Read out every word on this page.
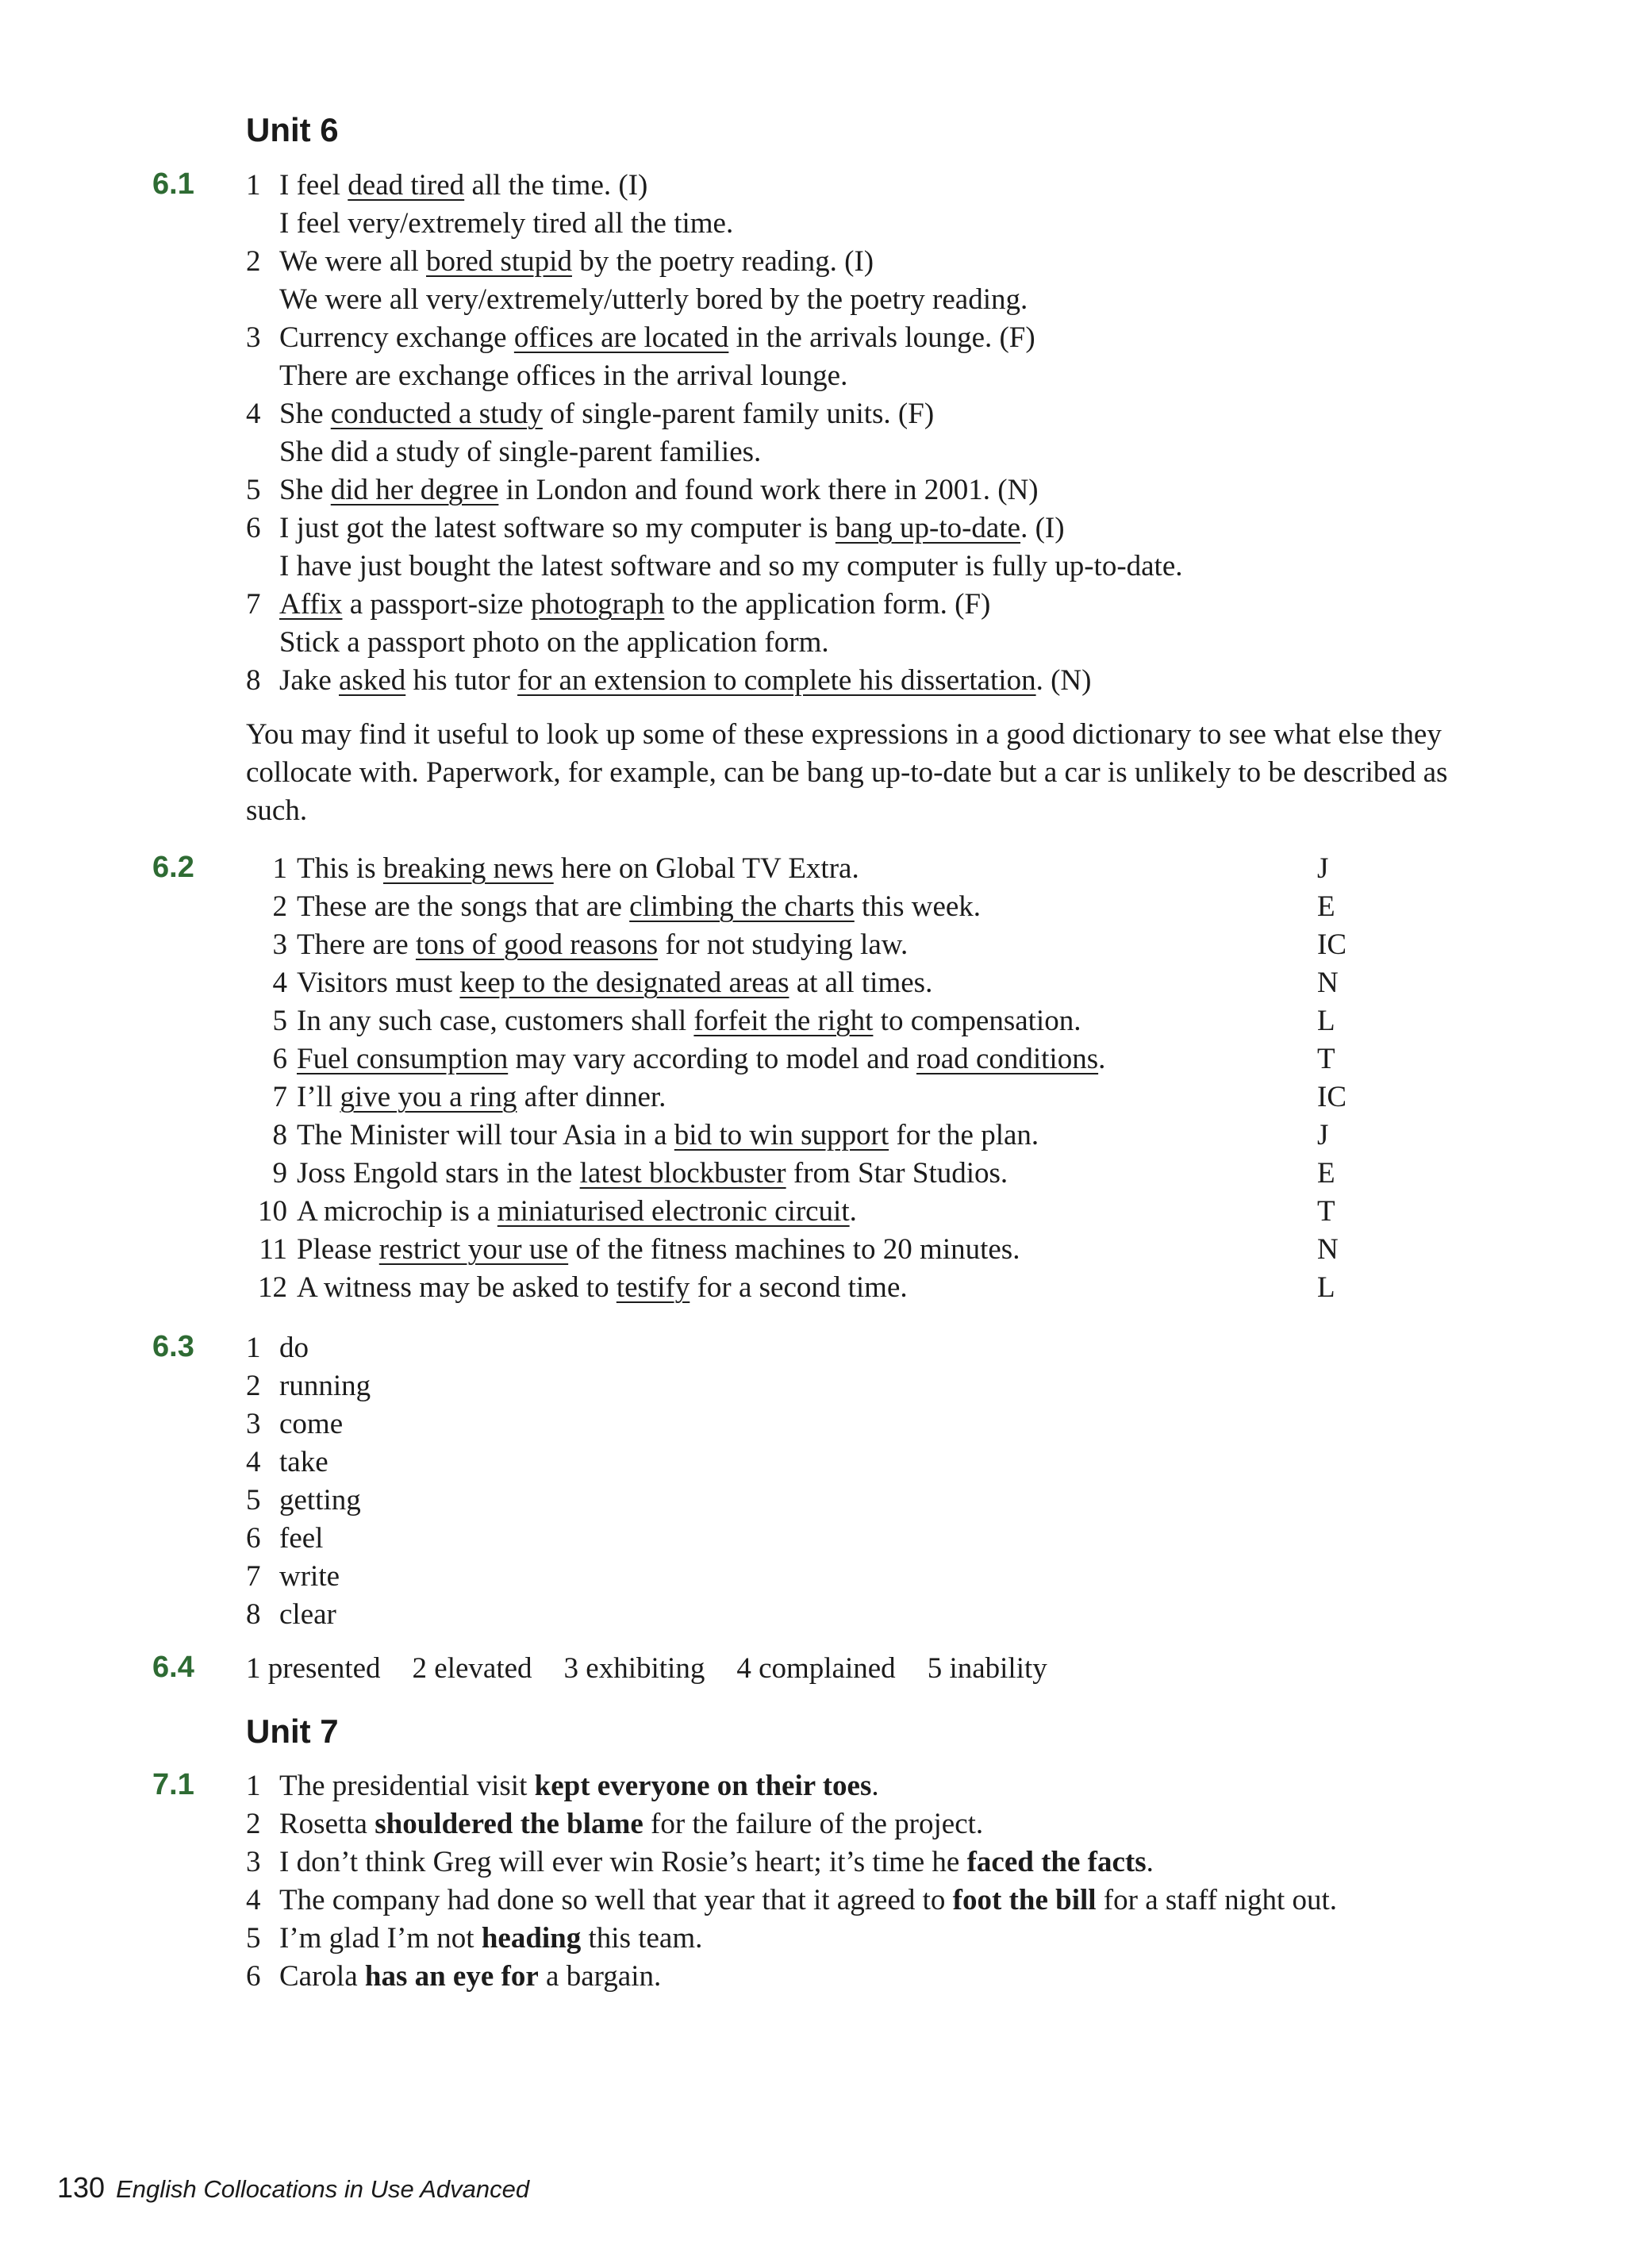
Unit 6
6.1 1 I feel dead tired all the time. (I)
I feel very/extremely tired all the time.
2 We were all bored stupid by the poetry reading. (I)
We were all very/extremely/utterly bored by the poetry reading.
3 Currency exchange offices are located in the arrivals lounge. (F)
There are exchange offices in the arrival lounge.
4 She conducted a study of single-parent family units. (F)
She did a study of single-parent families.
5 She did her degree in London and found work there in 2001. (N)
6 I just got the latest software so my computer is bang up-to-date. (I)
I have just bought the latest software and so my computer is fully up-to-date.
7 Affix a passport-size photograph to the application form. (F)
Stick a passport photo on the application form.
8 Jake asked his tutor for an extension to complete his dissertation. (N)

You may find it useful to look up some of these expressions in a good dictionary to see what else they collocate with. Paperwork, for example, can be bang up-to-date but a car is unlikely to be described as such.

6.2	1 This is breaking news here on Global TV Extra.	J
2 These are the songs that are climbing the charts this week.	E
3 There are tons of good reasons for not studying law.	IC
4 Visitors must keep to the designated areas at all times.	N
5 In any such case, customers shall forfeit the right to compensation.	L
6 Fuel consumption may vary according to model and road conditions.	T
7 I’ll give you a ring after dinner.	IC
8 The Minister will tour Asia in a bid to win support for the plan.	J
9 Joss Engold stars in the latest blockbuster from Star Studios.	E
10 A microchip is a miniaturised electronic circuit.	T
11 Please restrict your use of the fitness machines to 20 minutes.	N
12 A witness may be asked to testify for a second time.	L
6.3 1 do
2 running
3 come
4 take
5 getting
6 feel
7 write
8 clear
6.4 1 presented 2 elevated 3 exhibiting 4 complained 5 inability
Unit 7
7.1 1 The presidential visit kept everyone on their toes.
2 Rosetta shouldered the blame for the failure of the project.
3 I don’t think Greg will ever win Rosie’s heart; it’s time he faced the facts.
4 The company had done so well that year that it agreed to foot the bill for a staff night out.
5 I’m glad I’m not heading this team.
6 Carola has an eye for a bargain.
130 English Collocations in Use Advanced
